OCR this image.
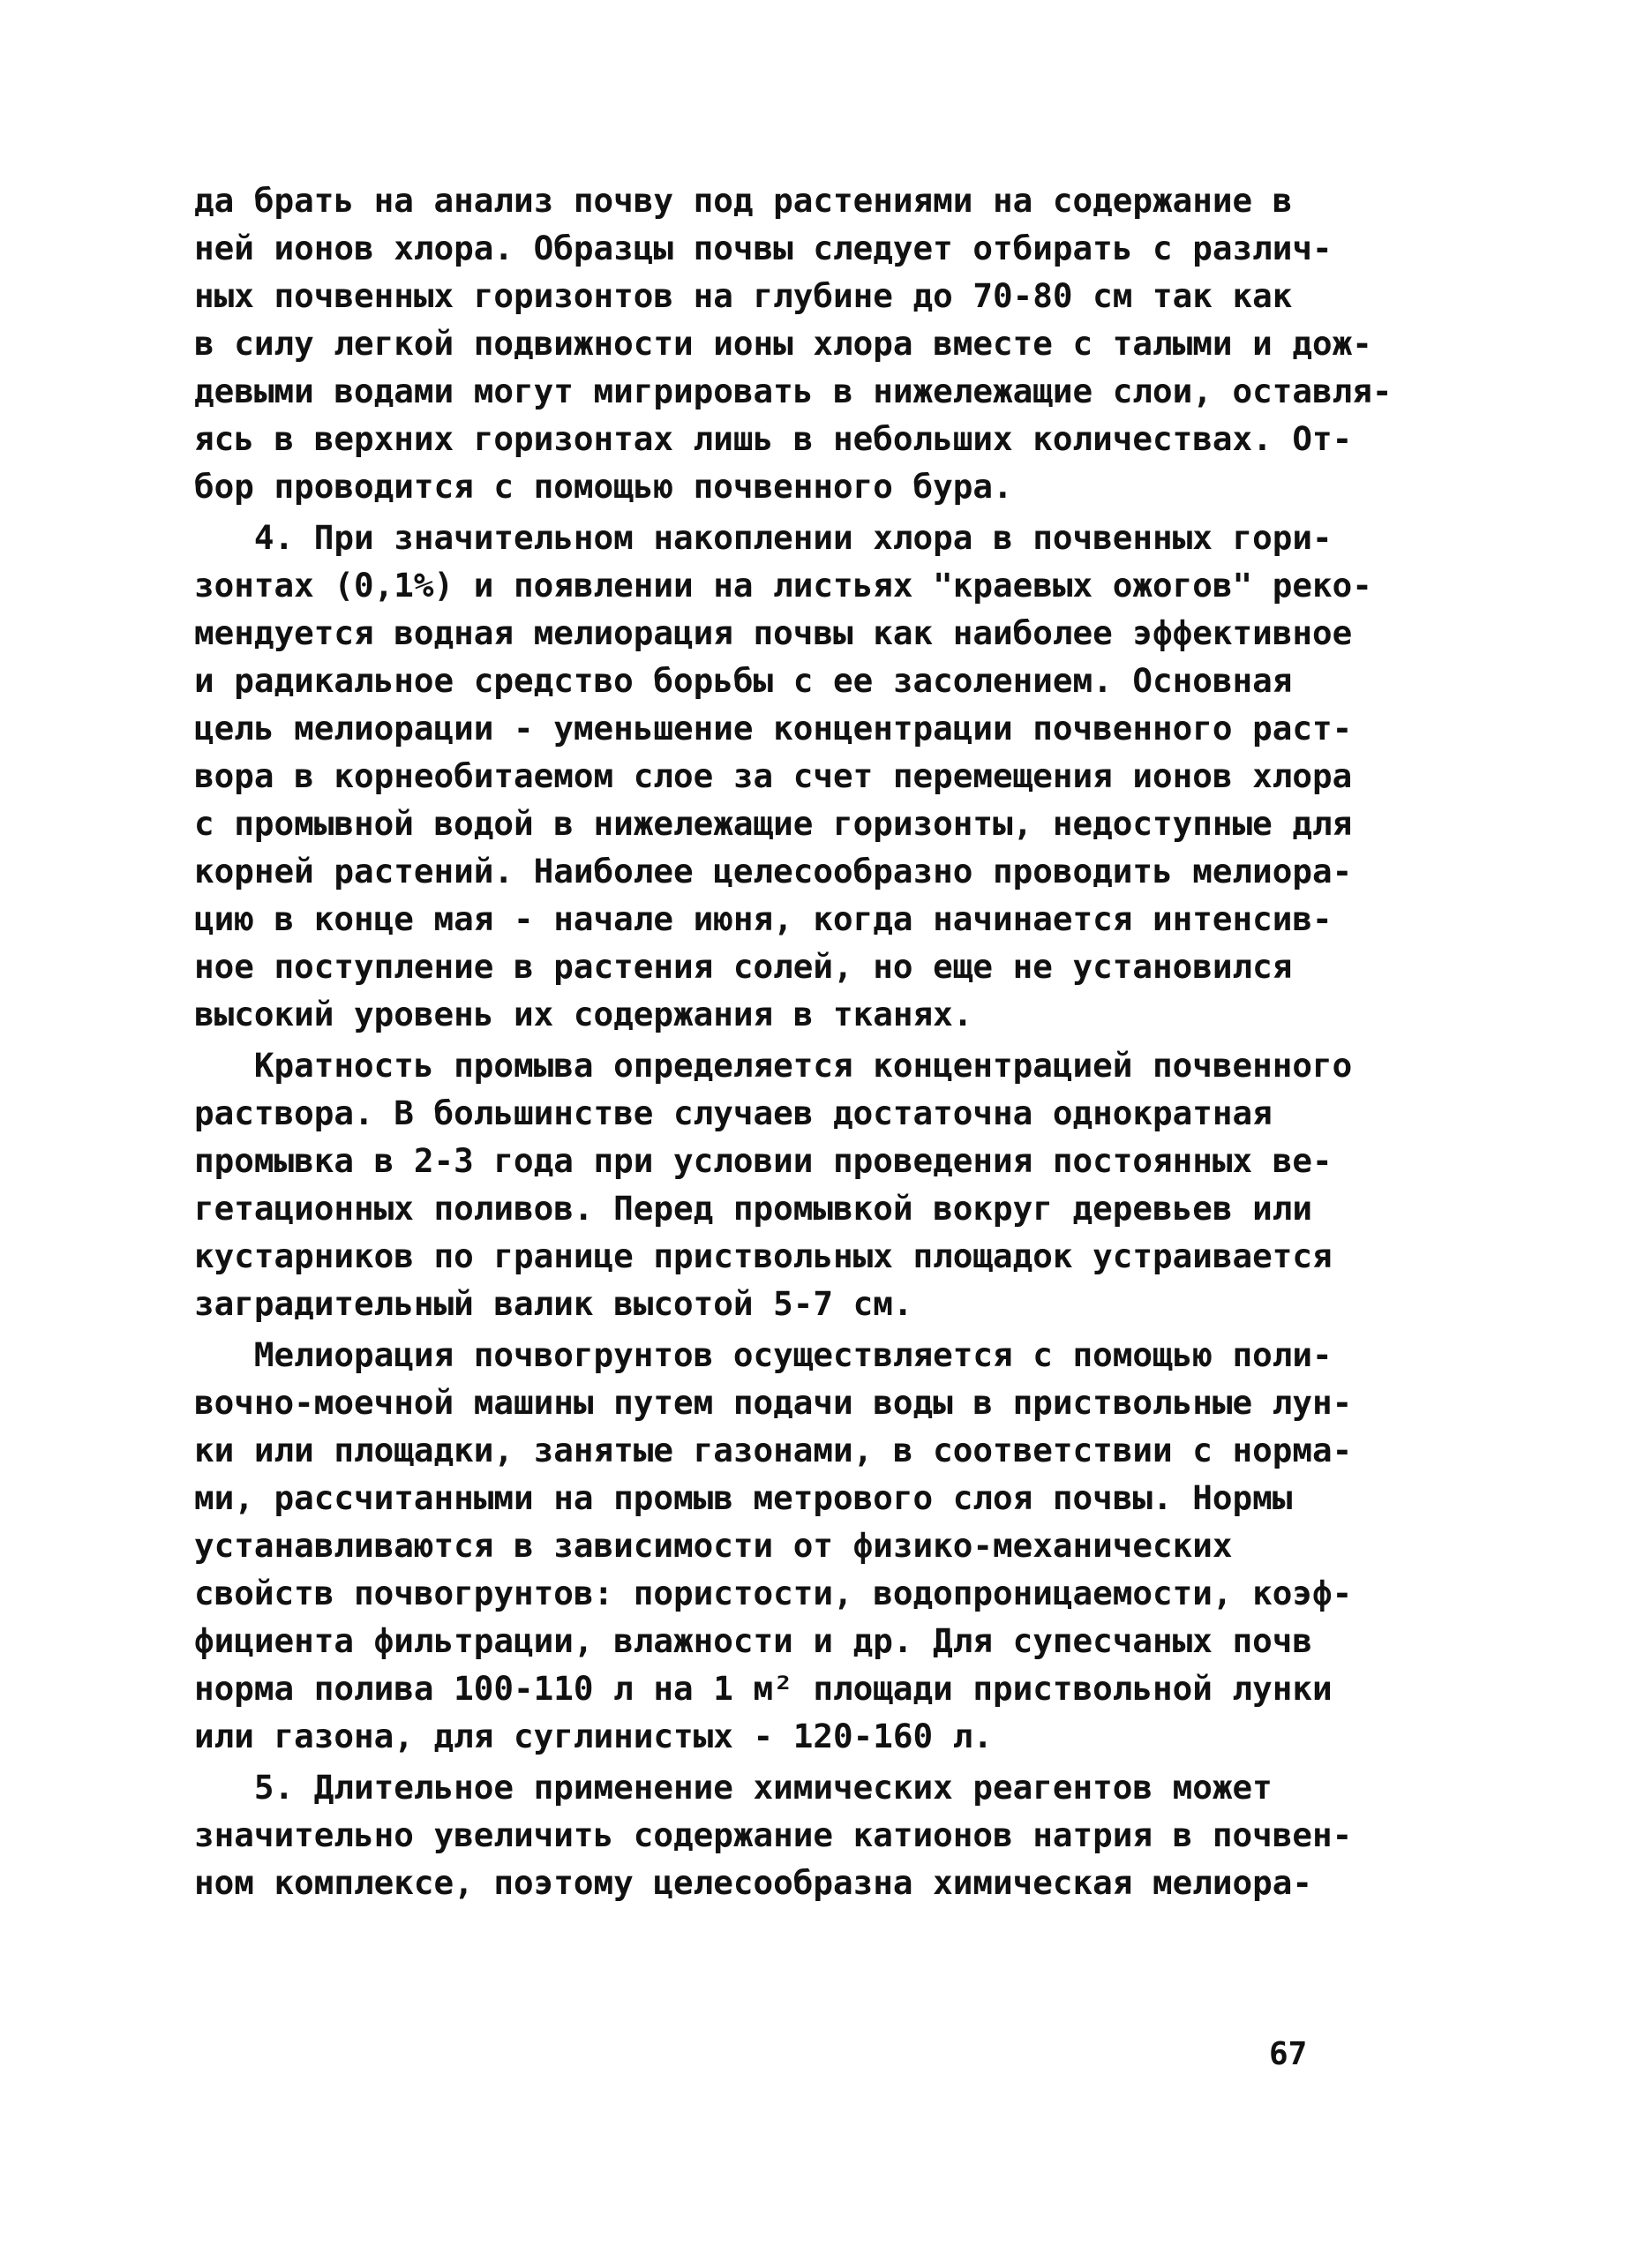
да брать на анализ почву под растениями на содержание в
ней ионов хлора. Образцы почвы следует отбирать с различ-
ных почвенных горизонтов на глубине до 70-80 см так как
в силу легкой подвижности ионы хлора вместе с талыми и дож-
девыми водами могут мигрировать в нижележащие слои, оставля-
ясь в верхних горизонтах лишь в небольших количествах. От-
бор проводится с помощью почвенного бура.
4. При значительном накоплении хлора в почвенных гори-
зонтах (0,1%) и появлении на листьях "краевых ожогов" реко-
мендуется водная мелиорация почвы как наиболее эффективное
и радикальное средство борьбы с ее засолением. Основная
цель мелиорации - уменьшение концентрации почвенного раст-
вора в корнеобитаемом слое за счет перемещения ионов хлора
с промывной водой в нижележащие горизонты, недоступные для
корней растений. Наиболее целесообразно проводить мелиора-
цию в конце мая - начале июня, когда начинается интенсив-
ное поступление в растения солей, но еще не установился
высокий уровень их содержания в тканях.
Кратность промыва определяется концентрацией почвенного
раствора. В большинстве случаев достаточна однократная
промывка в 2-3 года при условии проведения постоянных ве-
гетационных поливов. Перед промывкой вокруг деревьев или
кустарников по границе приствольных площадок устраивается
заградительный валик высотой 5-7 см.
Мелиорация почвогрунтов осуществляется с помощью поли-
вочно-моечной машины путем подачи воды в приствольные лун-
ки или площадки, занятые газонами, в соответствии с норма-
ми, рассчитанными на промыв метрового слоя почвы. Нормы
устанавливаются в зависимости от физико-механических
свойств почвогрунтов: пористости, водопроницаемости, коэф-
фициента фильтрации, влажности и др. Для супесчаных почв
норма полива 100-110 л на 1 м² площади приствольной лунки
или газона, для суглинистых - 120-160 л.
5. Длительное применение химических реагентов может
значительно увеличить содержание катионов натрия в почвен-
ном комплексе, поэтому целесообразна химическая мелиора-
67
